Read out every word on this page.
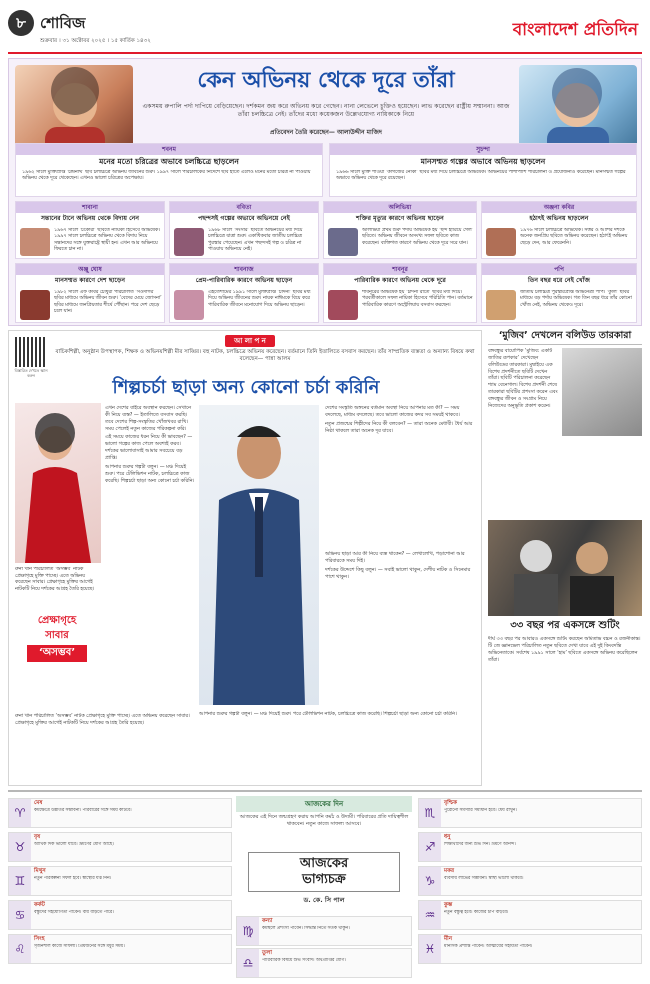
৮ শোবিজ
শুক্রবার । ৩১ অক্টোবর ২০২৫ । ১৫ কার্তিক ১৪৩২
বাংলাদেশ প্রতিদিন
কেন অভিনয় থেকে দূরে তাঁরা
একসময় রুপালি পর্দা দাপিয়ে বেড়িয়েছেন। দর্শকমন জয় করে অভিনয় করে গেছেন। নানা লেভেলে চুক্তিও হয়েছেন। লাভ করেছেন রাষ্ট্রীয় সম্মাননা। আজ তাঁরা চলচ্চিত্রে নেই। তাঁদের মধ্যে কয়েকজন উল্লেখযোগ্য নায়িকাকে নিয়ে
প্রতিবেদন তৈরি করেছেন— আলাউদ্দীন মাজিদ
শবনম
মনের মতো চরিত্রের অভাবে চলচ্চিত্রে ছাড়লেন
১৯৬২ সালে মুক্তিপ্রাপ্ত ‘চন্দ্রনাথ’ ছবি চলচ্চিত্রে অভিনয় জীবনের শুরু। ১৯৯৭ সালে পরিচালকের নির্দেশে ছবি হাতে এলেও মনের মতো চরিত্র না পাওয়ায় অভিনয় থেকে দূরে থেকেছেন। এখনও ভালো চরিত্রের অপেক্ষায়।
সুচন্দা
মানসম্মত গল্পের অভাবে অভিনয় ছাড়লেন
১৯৬৬ সালে মুক্তি পাওয়া ‘কাগজের নৌকা’ ছবির মধ্য দিয়ে চলচ্চিত্রে অভিষেক। অভিনয়ের পাশাপাশি পরিচালনা ও প্রযোজনাও করেছেন। মানসম্মত গল্পের অভাবে অভিনয় থেকে দূরে রয়েছেন।
শাবানা
সন্তানের টানে অভিনয় থেকে বিদায় নেন
১৯৬৭ সালে ‘চকোরী’ ছবিতে নায়িকা হিসেবে অভিষেক। ১৯৯৭ সালে চলচ্চিত্রে অভিনয় থেকে বিদায় নিয়ে সন্তানদের সঙ্গে যুক্তরাষ্ট্রে স্থায়ী হন। এখন আর অভিনয়ে ফিরতে চান না।
ববিতা
পছন্দসই গল্পের অভাবে অভিনয়ে নেই
১৯৬৮ সালে ‘সংসার’ ছবিতে অভিনয়ের মধ্য দিয়ে চলচ্চিত্রে যাত্রা শুরু। একাধিকবার জাতীয় চলচ্চিত্র পুরস্কার পেয়েছেন। এখন পছন্দসই গল্প ও চরিত্র না পাওয়ায় অভিনয়ে নেই।
অলিভিয়া
শক্তির মৃত্যুর কারণে অভিনয় ছাড়েন
অলিভিয়া প্রথম শুরু পর্দায় অভিষেক হয় ‘ছন্দ হারিয়ে গেল’ ছবিতে। অভিনয় জীবনে অসংখ্য সফল ছবিতে কাজ করেছেন। ব্যক্তিগত কারণে অভিনয় থেকে দূরে সরে যান।
অঞ্জনা কবির
হঠাৎই অভিনয় ছাড়লেন
১৯৭৬ সালে চলচ্চিত্রে অভিষেক। সত্তর ও আশির দশকে অনেক জনপ্রিয় ছবিতে অভিনয় করেছেন। হঠাৎই অভিনয় ছেড়ে দেন, আর ফেরেননি।
অঞ্জু ঘোষ
মানসম্মত কারণে দেশ ছাড়েন
১৯৮২ সালে এফ কবির চৌধুরী পরিচালিত ‘সওদাগর’ ছবির মাধ্যমে অভিনয় জীবন শুরু। ‘বেদের মেয়ে জোসনা’ ছবির মাধ্যমে জনপ্রিয়তার শীর্ষে পৌঁছান। পরে দেশ ছেড়ে চলে যান।
শাবনাজ
প্রেম-পারিবারিক কারণে অভিনয় ছাড়েন
এহতেশামের ১৯৯১ সালে মুক্তিপ্রাপ্ত ‘চাঁদনী’ ছবির মধ্য দিয়ে অভিনয় জীবনের শুরু। নায়ক নাঈমকে বিয়ে করে পারিবারিক জীবনে মনোযোগ দিয়ে অভিনয় ছাড়েন।
শাবনূর
পারিবারিক কারণে অভিনয় থেকে দূরে
শাবনূরের অভিষেক হয় ‘চাঁদনী রাতে’ ছবির মধ্য দিয়ে। পরবর্তীকালে সফল নায়িকা হিসেবে পরিচিতি পান। বর্তমানে পারিবারিক কারণে অস্ট্রেলিয়ায় বসবাস করছেন।
পপি
তিন বছর ধরে নেই খোঁজ
জাতীয় চলচ্চিত্র পুরস্কারপ্রাপ্ত অভিনেত্রী পপি। ‘কুলি’ ছবির মাধ্যমে বড় পর্দায় অভিষেক। গত তিন বছর ধরে তাঁর কোনো খোঁজ নেই, অভিনয় থেকেও দূরে।
বিস্তারিত দেখতে স্ক্যান করুন
আ লা প ন
বাচিকশিল্পী, অনুষ্ঠান উপস্থাপক, শিক্ষক ও অভিনয়শিল্পী মীর সাব্বির। বহু নাটক, চলচ্চিত্রে অভিনয় করেছেন। বর্তমানে তিনি ইতালিতে বসবাস করছেন। তাঁর সাম্প্রতিক ব্যস্ততা ও অন্যান্য বিষয়ে কথা বলেছেন— পান্না আলম
শিল্পচর্চা ছাড়া অন্য কোনো চর্চা করিনি

এখন দেশের বাইরে অবস্থান করছেন। সেখানে কী নিয়ে ব্যস্ত? — ইতালিতে বসবাস করছি। তবে দেশের শিল্প-সংস্কৃতির খোঁজখবর রাখি। সময় পেলেই নতুন কাজের পরিকল্পনা করি।

এই সময়ে কাজের ধরন নিয়ে কী ভাবছেন? — ভালো গল্পের কাজ পেলে অবশ্যই করব। দর্শকের ভালোবাসাই আমার সবচেয়ে বড় প্রাপ্তি।

আপনার শুরুর গল্পটা বলুন। — মঞ্চ দিয়েই শুরু। পরে টেলিভিশন নাটক, চলচ্চিত্রে কাজ করেছি। শিল্পচর্চা ছাড়া অন্য কোনো চর্চা করিনি।

দেশের সংস্কৃতি অঙ্গনের বর্তমান অবস্থা নিয়ে আপনার মত কী? — সময় বদলেছে, মাধ্যম বদলেছে। তবে ভালো কাজের কদর সব সময়ই থাকবে।

নতুন প্রজন্মের শিল্পীদের নিয়ে কী বলবেন? — তারা অনেক মেধাবী। ধৈর্য আর নিষ্ঠা থাকলে তারা অনেক দূর যাবে।

অভিনয় ছাড়া আর কী নিয়ে ব্যস্ত থাকেন? — লেখালেখি, পড়াশোনা আর পরিবারকে সময় দিই।

দর্শকের উদ্দেশে কিছু বলুন। — সবাই ভালো থাকুন, দেশীয় নাটক ও সিনেমার পাশে থাকুন।

রুনা খান পরিচালিত ‘অসম্ভব’ নাটক প্রেক্ষাগৃহে মুক্তি পাচ্ছে। এতে অভিনয় করেছেন সাবার। প্রেক্ষাগৃহে মুক্তির আগেই নাটকটি নিয়ে দর্শকের আগ্রহ তৈরি হয়েছে।
প্রেক্ষাগৃহে
সাবার
‘অসম্ভব’
রুনা খান পরিচালিত ‘অসম্ভব’ নাটক প্রেক্ষাগৃহে মুক্তি পাচ্ছে। এতে অভিনয় করেছেন সাবার। প্রেক্ষাগৃহে মুক্তির আগেই নাটকটি নিয়ে দর্শকের আগ্রহ তৈরি হয়েছে।
আপনার শুরুর গল্পটা বলুন। — মঞ্চ দিয়েই শুরু। পরে টেলিভিশন নাটক, চলচ্চিত্রে কাজ করেছি। শিল্পচর্চা ছাড়া অন্য কোনো চর্চা করিনি।
‘মুজিব’ দেখলেন বলিউড তারকারা
বঙ্গবন্ধুর বায়োপিক ‘মুজিব: একটি জাতির রূপকার’ দেখেছেন বলিউডের তারকারা। মুম্বাইয়ে এক বিশেষ প্রদর্শনীতে ছবিটি দেখেন তাঁরা। ছবিটি পরিচালনা করেছেন শ্যাম বেনেগাল। বিশেষ প্রদর্শনী শেষে তারকারা ছবিটির প্রশংসা করেন এবং বঙ্গবন্ধুর জীবন ও সংগ্রাম নিয়ে নিজেদের অনুভূতি প্রকাশ করেন।
৩৩ বছর পর একসঙ্গে শুটিং
দীর্ঘ ৩৩ বছর পর আবারও একসঙ্গে শুটিং করছেন অমিতাভ বচ্চন ও রজনীকান্ত। টি জে জ্ঞানভেল পরিচালিত নতুন ছবিতে দেখা যাবে এই দুই কিংবদন্তি অভিনেতাকে। সর্বশেষ ১৯৯১ সালে ‘হাম’ ছবিতে একসঙ্গে অভিনয় করেছিলেন তাঁরা।
আজকের দিন
আজকের এই দিনে জন্মগ্রহণ করায় আপনি কর্মঠ ও উদ্যমী। পরিবারের প্রতি দায়িত্বশীল থাকবেন। নতুন কাজে সাফল্য আসবে।
আজকের
ভাগ্যচক্র
ড. কে. সি পাল
♈
মেষ
কর্মক্ষেত্রে উন্নতির সম্ভাবনা। পরিবারের সঙ্গে সময় কাটবে।
♉
বৃষ
আর্থিক দিক ভালো যাবে। ভ্রমণের যোগ আছে।
♊
মিথুন
নতুন পরিকল্পনা সফল হবে। স্বাস্থ্যের যত্ন নিন।
♋
কর্কট
বন্ধুদের সহযোগিতা পাবেন। ব্যয় বাড়তে পারে।
♌
সিংহ
সৃজনশীল কাজে সাফল্য। প্রিয়জনের সঙ্গে মধুর সময়।
♍
কন্যা
কর্মস্থলে প্রশংসা পাবেন। সিদ্ধান্ত নিতে সতর্ক থাকুন।
♎
তুলা
পারিবারিক বিষয়ে শুভ সংবাদ। অর্থপ্রাপ্তির যোগ।
♏
বৃশ্চিক
পুরোনো সমস্যার সমাধান হবে। ধৈর্য রাখুন।
♐
ধনু
শিক্ষার্থীদের জন্য শুভ দিন। ভ্রমণে আনন্দ।
♑
মকর
ব্যবসায় লাভের সম্ভাবনা। স্বাস্থ্য ভালো থাকবে।
♒
কুম্ভ
নতুন বন্ধুত্ব হবে। কাজের চাপ বাড়বে।
♓
মীন
মানসিক প্রশান্তি পাবেন। আত্মীয়ের সহায়তা পাবেন।
